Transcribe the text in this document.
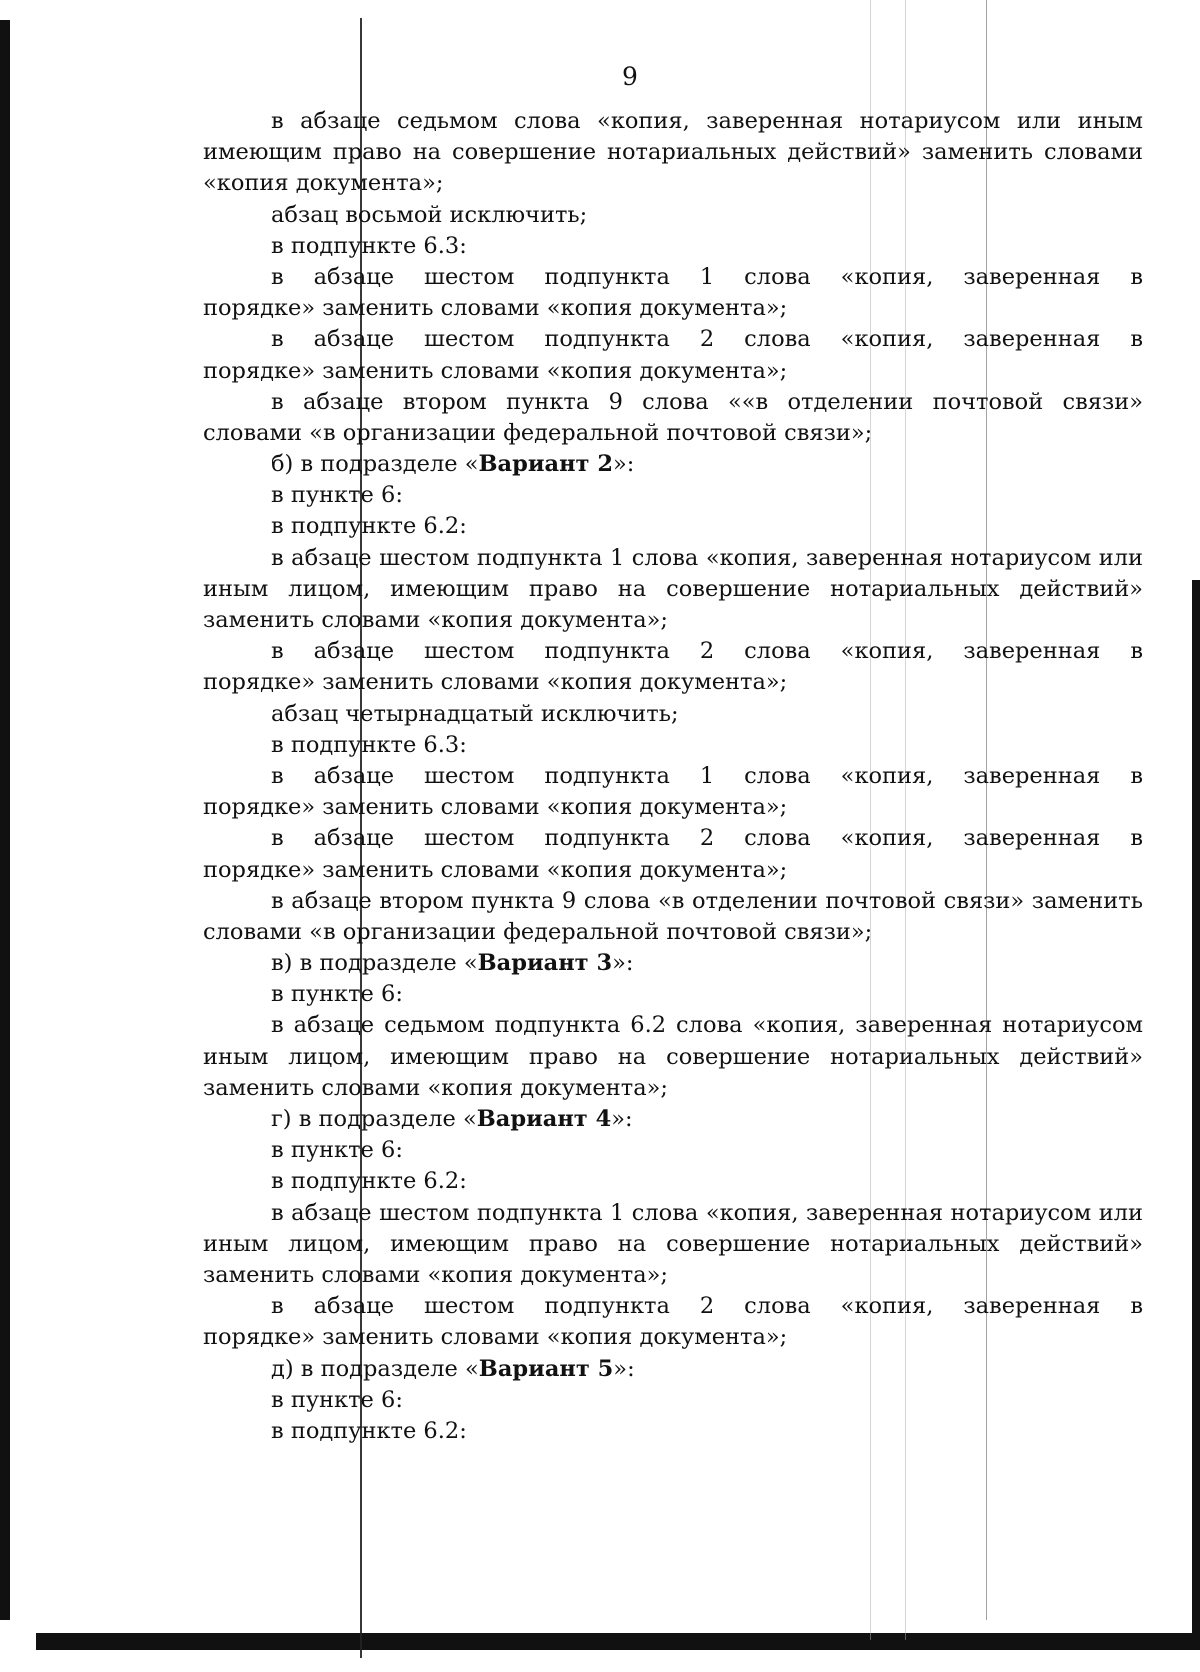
9
в абзаце седьмом слова «копия, заверенная нотариусом или иным
имеющим право на совершение нотариальных действий» заменить словами
«копия документа»;
абзац восьмой исключить;
в подпункте 6.3:
в абзаце шестом подпункта 1 слова «копия, заверенная в
порядке» заменить словами «копия документа»;
в абзаце шестом подпункта 2 слова «копия, заверенная в
порядке» заменить словами «копия документа»;
в абзаце втором пункта 9 слова ««в отделении почтовой связи»
словами «в организации федеральной почтовой связи»;
б) в подразделе «Вариант 2»:
в пункте 6:
в подпункте 6.2:
в абзаце шестом подпункта 1 слова «копия, заверенная нотариусом или
иным лицом, имеющим право на совершение нотариальных действий»
заменить словами «копия документа»;
в абзаце шестом подпункта 2 слова «копия, заверенная в
порядке» заменить словами «копия документа»;
абзац четырнадцатый исключить;
в подпункте 6.3:
в абзаце шестом подпункта 1 слова «копия, заверенная в
порядке» заменить словами «копия документа»;
в абзаце шестом подпункта 2 слова «копия, заверенная в
порядке» заменить словами «копия документа»;
в абзаце втором пункта 9 слова «в отделении почтовой связи» заменить
словами «в организации федеральной почтовой связи»;
в) в подразделе «Вариант 3»:
в пункте 6:
в абзаце седьмом подпункта 6.2 слова «копия, заверенная нотариусом
иным лицом, имеющим право на совершение нотариальных действий»
заменить словами «копия документа»;
г) в подразделе «Вариант 4»:
в пункте 6:
в подпункте 6.2:
в абзаце шестом подпункта 1 слова «копия, заверенная нотариусом или
иным лицом, имеющим право на совершение нотариальных действий»
заменить словами «копия документа»;
в абзаце шестом подпункта 2 слова «копия, заверенная в
порядке» заменить словами «копия документа»;
д) в подразделе «Вариант 5»:
в пункте 6:
в подпункте 6.2:
